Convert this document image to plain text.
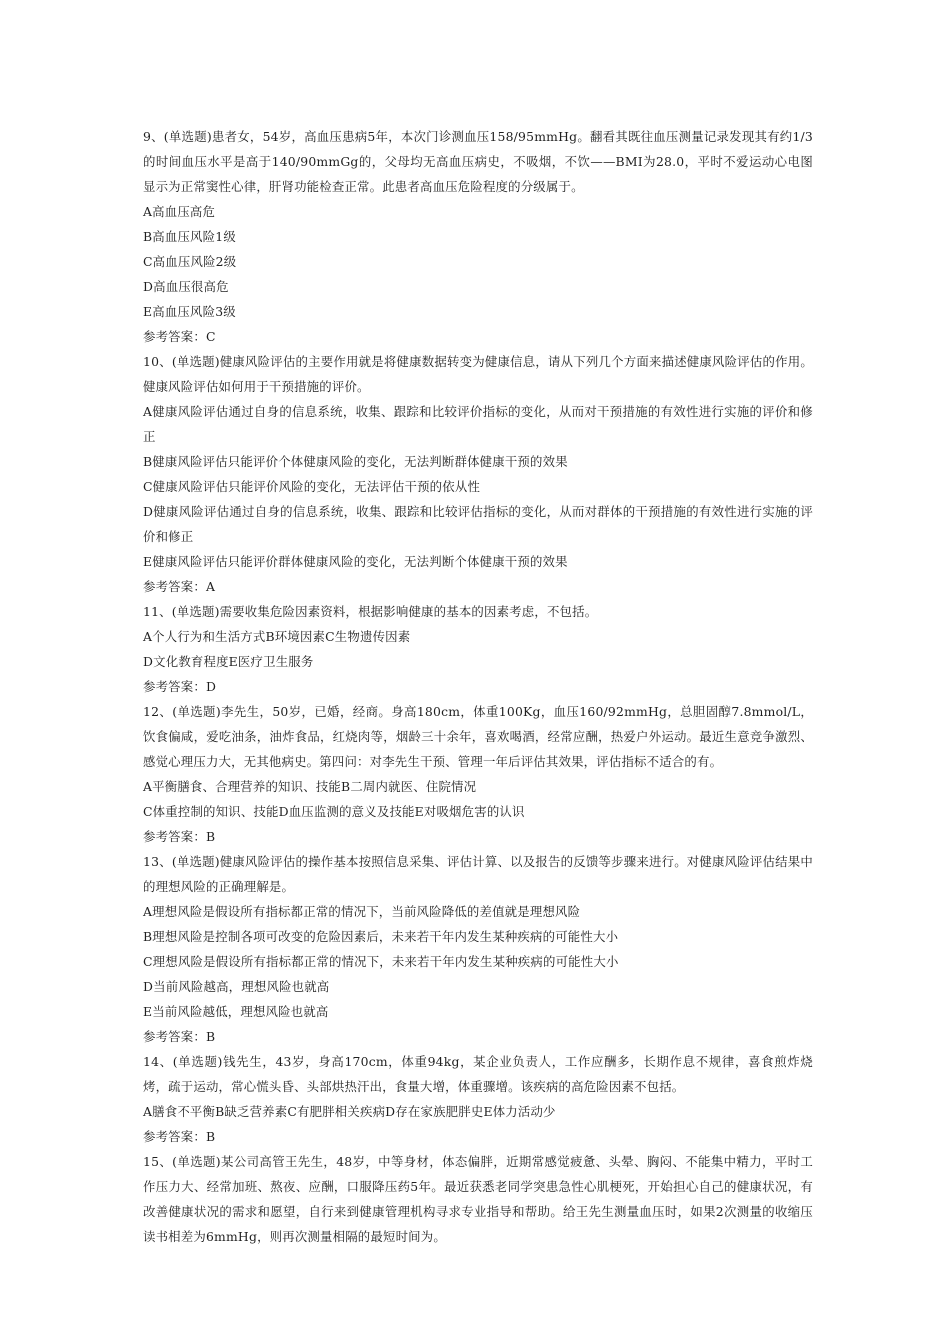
9、(单选题)患者女，54岁，高血压患病5年，本次门诊测血压158/95mmHg。翻看其既往血压测量记录发现其有约1/3的时间血压水平是高于140/90mmGg的，父母均无高血压病史，不吸烟，不饮——BMI为28.0，平时不爱运动心电图显示为正常窦性心律，肝肾功能检查正常。此患者高血压危险程度的分级属于。

A高血压高危

B高血压风险1级

C高血压风险2级

D高血压很高危

E高血压风险3级

参考答案：C

10、(单选题)健康风险评估的主要作用就是将健康数据转变为健康信息，请从下列几个方面来描述健康风险评估的作用。健康风险评估如何用于干预措施的评价。

A健康风险评估通过自身的信息系统，收集、跟踪和比较评价指标的变化，从而对干预措施的有效性进行实施的评价和修正

B健康风险评估只能评价个体健康风险的变化，无法判断群体健康干预的效果

C健康风险评估只能评价风险的变化，无法评估干预的依从性

D健康风险评估通过自身的信息系统，收集、跟踪和比较评估指标的变化，从而对群体的干预措施的有效性进行实施的评价和修正

E健康风险评估只能评价群体健康风险的变化，无法判断个体健康干预的效果

参考答案：A

11、(单选题)需要收集危险因素资料，根据影响健康的基本的因素考虑，不包括。

A个人行为和生活方式B环境因素C生物遗传因素

D文化教育程度E医疗卫生服务

参考答案：D

12、(单选题)李先生，50岁，已婚，经商。身高180cm，体重100Kg，血压160/92mmHg，总胆固醇7.8mmol/L，饮食偏咸，爱吃油条，油炸食品，红烧肉等，烟龄三十余年，喜欢喝酒，经常应酬，热爱户外运动。最近生意竞争激烈、感觉心理压力大，无其他病史。第四问：对李先生干预、管理一年后评估其效果，评估指标不适合的有。

A平衡膳食、合理营养的知识、技能B二周内就医、住院情况

C体重控制的知识、技能D血压监测的意义及技能E对吸烟危害的认识

参考答案：B

13、(单选题)健康风险评估的操作基本按照信息采集、评估计算、以及报告的反馈等步骤来进行。对健康风险评估结果中的理想风险的正确理解是。

A理想风险是假设所有指标都正常的情况下，当前风险降低的差值就是理想风险

B理想风险是控制各项可改变的危险因素后，未来若干年内发生某种疾病的可能性大小

C理想风险是假设所有指标都正常的情况下，未来若干年内发生某种疾病的可能性大小

D当前风险越高，理想风险也就高

E当前风险越低，理想风险也就高

参考答案：B

14、(单选题)钱先生，43岁，身高170cm，体重94kg，某企业负责人，工作应酬多，长期作息不规律，喜食煎炸烧烤，疏于运动，常心慌头昏、头部烘热汗出，食量大增，体重骤增。该疾病的高危险因素不包括。

A膳食不平衡B缺乏营养素C有肥胖相关疾病D存在家族肥胖史E体力活动少

参考答案：B

15、(单选题)某公司高管王先生，48岁，中等身材，体态偏胖，近期常感觉疲惫、头晕、胸闷、不能集中精力，平时工作压力大、经常加班、熬夜、应酬，口服降压药5年。最近获悉老同学突患急性心肌梗死，开始担心自己的健康状况，有改善健康状况的需求和愿望，自行来到健康管理机构寻求专业指导和帮助。给王先生测量血压时，如果2次测量的收缩压读书相差为6mmHg，则再次测量相隔的最短时间为。
